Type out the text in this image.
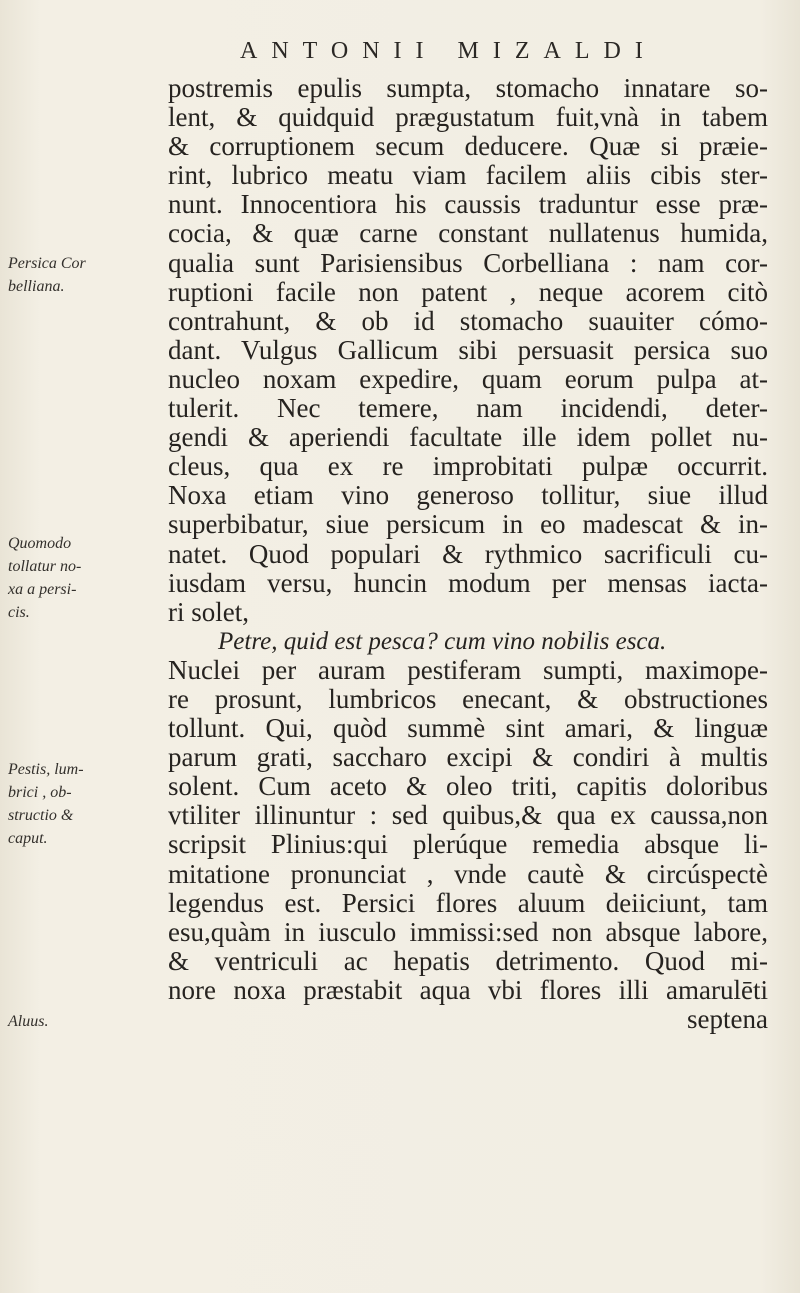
ANTONII MIZALDI
postremis epulis sumpta, stomacho innatare so-
lent, & quidquid prægustatum fuit,vnà in tabem
& corruptionem secum deducere. Quæ si præie-
rint, lubrico meatu viam facilem aliis cibis ster-
nunt. Innocentiora his caussis traduntur esse præ-
cocia, & quæ carne constant nullatenus humida,
qualia sunt Parisiensibus Corbelliana : nam cor-
ruptioni facile non patent , neque acorem citò
contrahunt, & ob id stomacho suauiter cómo-
dant. Vulgus Gallicum sibi persuasit persica suo
nucleo noxam expedire, quam eorum pulpa at-
tulerit. Nec temere, nam incidendi, deter-
gendi & aperiendi facultate ille idem pollet nu-
cleus, qua ex re improbitati pulpæ occurrit.
Noxa etiam vino generoso tollitur, siue illud
superbibatur, siue persicum in eo madescat & in-
natet. Quod populari & rythmico sacrificuli cu-
iusdam versu, huncin modum per mensas iacta-
ri solet,
Petre, quid est pesca? cum vino nobilis esca.
Nuclei per auram pestiferam sumpti, maximope-
re prosunt, lumbricos enecant, & obstructiones
tollunt. Qui, quòd summè sint amari, & linguæ
parum grati, saccharo excipi & condiri à multis
solent. Cum aceto & oleo triti, capitis doloribus
vtiliter illinuntur : sed quibus,& qua ex caussa,non
scripsit Plinius:qui plerúque remedia absque li-
mitatione pronunciat , vnde cautè & circúspectè
legendus est. Persici flores aluum deiiciunt, tam
esu,quàm in iusculo immissi:sed non absque labore,
& ventriculi ac hepatis detrimento. Quod mi-
nore noxa præstabit aqua vbi flores illi amarulēti
septena
Persica Cor
belliana.
Quomodo
tollatur no-
xa a persi-
cis.
Pestis, lum-
brici , ob-
structio &
caput.
Aluus.
